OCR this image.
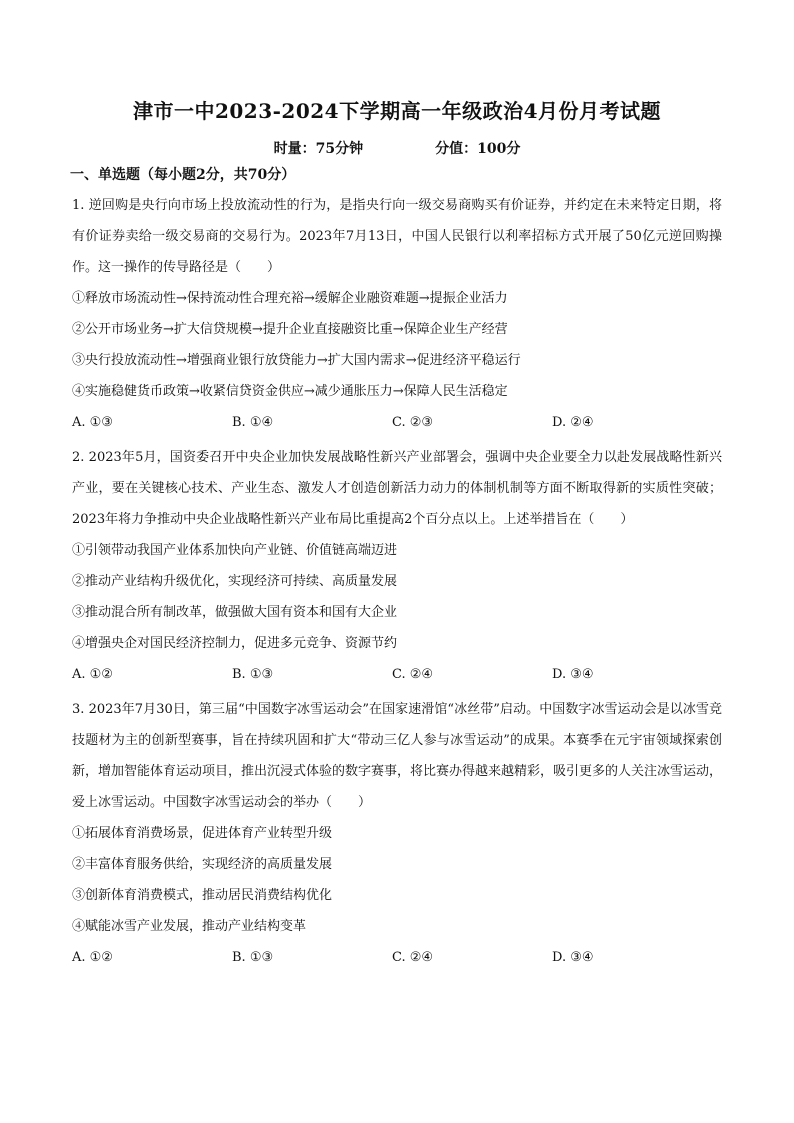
津市一中2023-2024下学期高一年级政治4月份月考试题
时量：75分钟	分值：100分
一、单选题（每小题2分，共70分）
1. 逆回购是央行向市场上投放流动性的行为，是指央行向一级交易商购买有价证券，并约定在未来特定日期，将有价证券卖给一级交易商的交易行为。2023年7月13日，中国人民银行以利率招标方式开展了50亿元逆回购操作。这一操作的传导路径是（　　）
①释放市场流动性→保持流动性合理充裕→缓解企业融资难题→提振企业活力
②公开市场业务→扩大信贷规模→提升企业直接融资比重→保障企业生产经营
③央行投放流动性→增强商业银行放贷能力→扩大国内需求→促进经济平稳运行
④实施稳健货币政策→收紧信贷资金供应→减少通胀压力→保障人民生活稳定
A. ①③	B. ①④	C. ②③	D. ②④
2. 2023年5月，国资委召开中央企业加快发展战略性新兴产业部署会，强调中央企业要全力以赴发展战略性新兴产业，要在关键核心技术、产业生态、激发人才创造创新活力动力的体制机制等方面不断取得新的实质性突破；2023年将力争推动中央企业战略性新兴产业布局比重提高2个百分点以上。上述举措旨在（　　）
①引领带动我国产业体系加快向产业链、价值链高端迈进
②推动产业结构升级优化，实现经济可持续、高质量发展
③推动混合所有制改革，做强做大国有资本和国有大企业
④增强央企对国民经济控制力，促进多元竞争、资源节约
A. ①②	B. ①③	C. ②④	D. ③④
3. 2023年7月30日，第三届“中国数字冰雪运动会”在国家速滑馆“冰丝带”启动。中国数字冰雪运动会是以冰雪竞技题材为主的创新型赛事，旨在持续巩固和扩大“带动三亿人参与冰雪运动”的成果。本赛季在元宇宙领域探索创新，增加智能体育运动项目，推出沉浸式体验的数字赛事，将比赛办得越来越精彩，吸引更多的人关注冰雪运动，爱上冰雪运动。中国数字冰雪运动会的举办（　　）
①拓展体育消费场景，促进体育产业转型升级
②丰富体育服务供给，实现经济的高质量发展
③创新体育消费模式，推动居民消费结构优化
④赋能冰雪产业发展，推动产业结构变革
A. ①②	B. ①③	C. ②④	D. ③④
